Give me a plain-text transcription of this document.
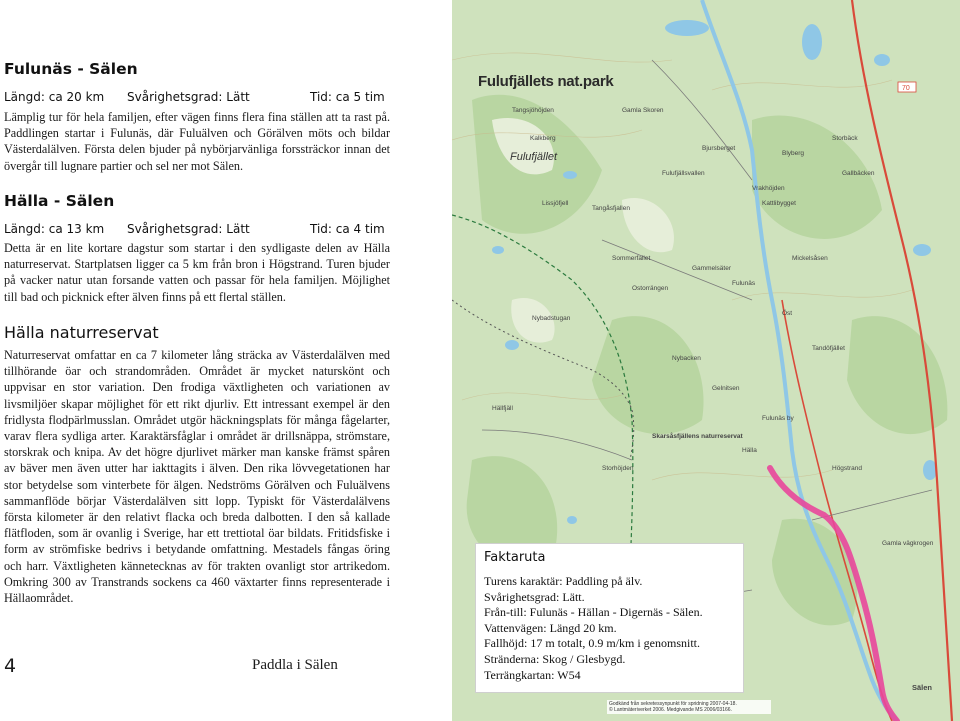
Fulunäs - Sälen
Längd: ca 20 km Svårighetsgrad: Lätt	Tid: ca 5 tim

Lämplig tur för hela familjen, efter vägen finns flera fina ställen att ta rast på. Paddlingen startar i Fulunäs, där Fuluälven och Görälven möts och bildar Västerdalälven. Första delen bjuder på nybörjarvänliga forssträckor innan det övergår till lugnare partier och sel ner mot Sälen.

Hälla - Sälen
Längd: ca 13 km Svårighetsgrad: Lätt	Tid: ca 4 tim

Detta är en lite kortare dagstur som startar i den sydligaste delen av Hälla naturreservat. Startplatsen ligger ca 5 km från bron i Högstrand. Turen bjuder på vacker natur utan forsande vatten och passar för hela familjen. Möjlighet till bad och picknick efter älven finns på ett flertal ställen.

Hälla naturreservat

Naturreservat omfattar en ca 7 kilometer lång sträcka av Västerdalälven med tillhörande öar och strandområden. Området är mycket naturskönt och uppvisar en stor variation. Den frodiga växtligheten och variationen av livsmiljöer skapar möjlighet för ett rikt djurliv. Ett intressant exempel är den fridlysta flodpärlmusslan. Området utgör häckningsplats för många fågelarter, varav flera sydliga arter. Karaktärsfåglar i området är drillsnäppa, strömstare, storskrak och knipa. Av det högre djurlivet märker man kanske främst spåren av bäver men även utter har iakttagits i älven. Den rika lövvegetationen har stor betydelse som vinterbete för älgen. Nedströms Görälven och Fuluälvens sammanflöde börjar Västerdalälven sitt lopp. Typiskt för Västerdalälvens första kilometer är den relativt flacka och breda dalbotten. I den så kallade flätfloden, som är ovanlig i Sverige, har ett trettiotal öar bildats. Fritidsfiske i form av strömfiske bedrivs i betydande omfattning. Mestadels fångas öring och harr. Växtligheten kännetecknas av för trakten ovanligt stor artrikedom. Omkring 300 av Transtrands sockens ca 460 växtarter finns representerade i Hällaområdet.

4	Paddla i Sälen
70
Tangsjöhöjden	Gamla Skoren
Kalkberg
Bjursberget
Blyberg
Storbäck
Fulufjällsvallen	Gallbäcken
Vrakhöjden
Kattlibygget
Lissjöfjell
Tangåsfjallen
Mickelsåsen
Gammelsäter
Fulunäs
Ostorrängen
Sommerfallet
Öst
Tandöfjället
Nybadstugan
Nybacken
Gelnitsen
Fulunäs by
Hällfjäll
Hälla
Högstrand
Storhöjden
Skarsåsfjällens naturreservat
Gamla vägkrogen
Sälen
Fulufjällets nat.park
Fulufjället
Faktaruta

Turens karaktär: Paddling på älv.

Svårighetsgrad: Lätt.

Från-till: Fulunäs - Hällan - Digernäs - Sälen.

Vattenvägen: Längd 20 km.

Fallhöjd: 17 m totalt, 0.9 m/km i genomsnitt.

Stränderna: Skog / Glesbygd.

Terrängkartan: W54

Godkänd från sekretessynpunkt för spridning 2007-04-18.
© Lantmäteriverket 2006. Medgivande MS 2006/03166.
